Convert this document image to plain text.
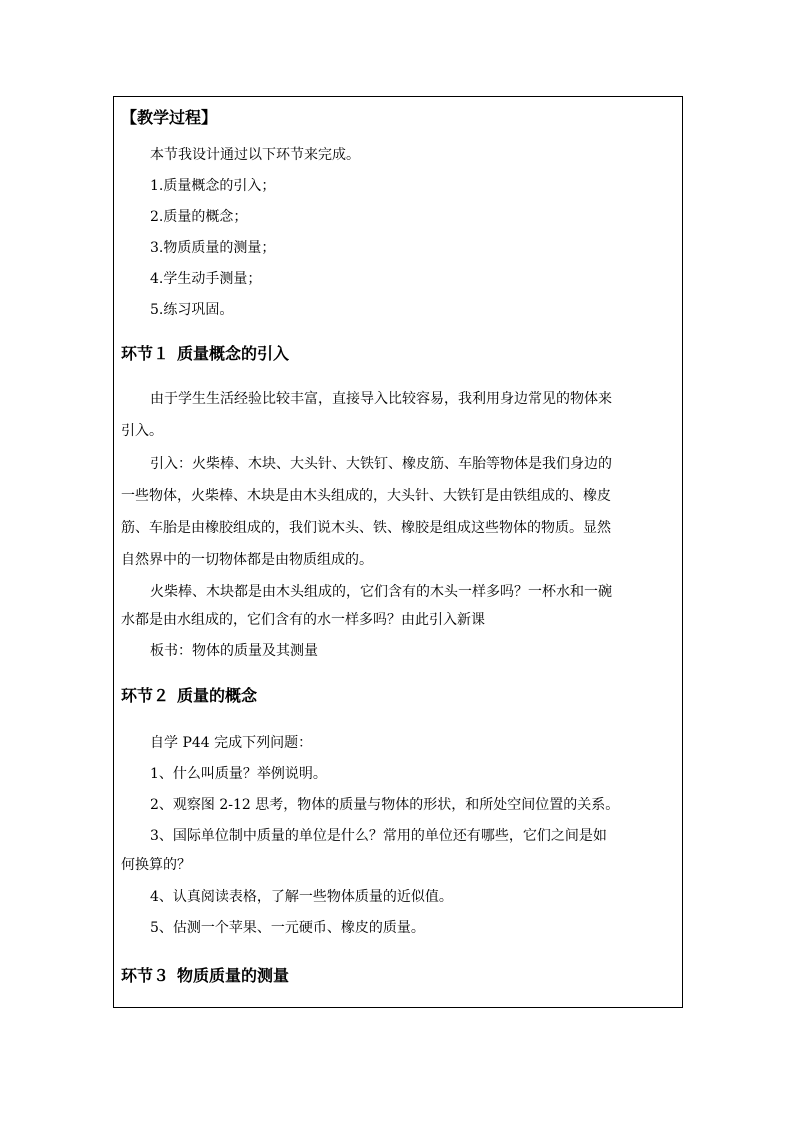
【教学过程】
本节我设计通过以下环节来完成。
1.质量概念的引入；
2.质量的概念；
3.物质质量的测量；
4.学生动手测量；
5.练习巩固。
环节１ 质量概念的引入
由于学生生活经验比较丰富，直接导入比较容易，我利用身边常见的物体来
引入。
引入：火柴棒、木块、大头针、大铁钉、橡皮筋、车胎等物体是我们身边的
一些物体，火柴棒、木块是由木头组成的，大头针、大铁钉是由铁组成的、橡皮
筋、车胎是由橡胶组成的，我们说木头、铁、橡胶是组成这些物体的物质。显然
自然界中的一切物体都是由物质组成的。
火柴棒、木块都是由木头组成的，它们含有的木头一样多吗？一杯水和一碗
水都是由水组成的，它们含有的水一样多吗？由此引入新课
板书：物体的质量及其测量
环节２ 质量的概念
自学 P44 完成下列问题：
1、什么叫质量？举例说明。
2、观察图 2-12 思考，物体的质量与物体的形状，和所处空间位置的关系。
3、国际单位制中质量的单位是什么？常用的单位还有哪些，它们之间是如
何换算的？
4、认真阅读表格，了解一些物体质量的近似值。
5、估测一个苹果、一元硬币、橡皮的质量。
环节３ 物质质量的测量
